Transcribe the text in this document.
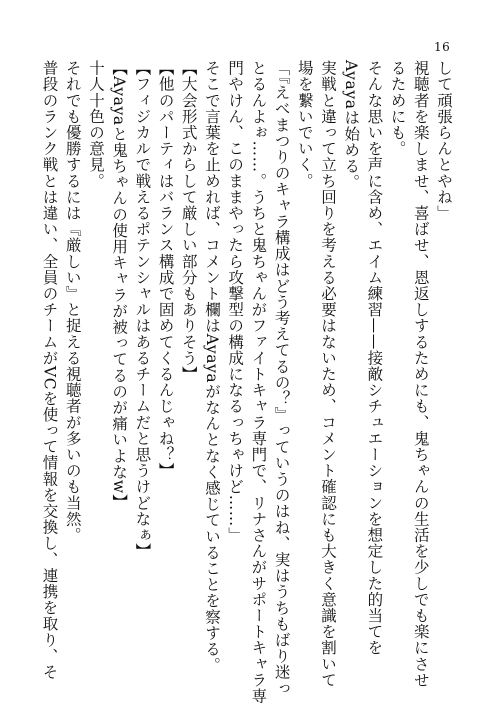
16
して頑張らんとやね」
視聴者を楽しませ、喜ばせ、恩返しするためにも、鬼ちゃんの生活を少しでも楽にさせ
るためにも。
そんな思いを声に含め、エイム練習——接敵シチュエーションを想定した的当てを
Ayayaは始める。
実戦と違って立ち回りを考える必要はないため、コメント確認にも大きく意識を割いて
場を繋いでいく。
「『えべまつりのキャラ構成はどう考えてるの？』っていうのはね、実はうちもばり迷っ
とるんよぉ……。うちと鬼ちゃんがファイトキャラ専門で、リナさんがサポートキャラ専
門やけん、このままやったら攻撃型の構成になるっちゃけど……」
そこで言葉を止めれば、コメント欄はAyayaがなんとなく感じていることを察する。
【大会形式からして厳しい部分もありそう】
【他のパーティはバランス構成で固めてくるんじゃね？】
【フィジカルで戦えるポテンシャルはあるチームだと思うけどなぁ】
【Ayayaと鬼ちゃんの使用キャラが被ってるのが痛いよなw】
十人十色の意見。
それでも優勝するには『厳しい』と捉える視聴者が多いのも当然。
普段のランク戦とは違い、全員のチームがVCを使って情報を交換し、連携を取り、そ
